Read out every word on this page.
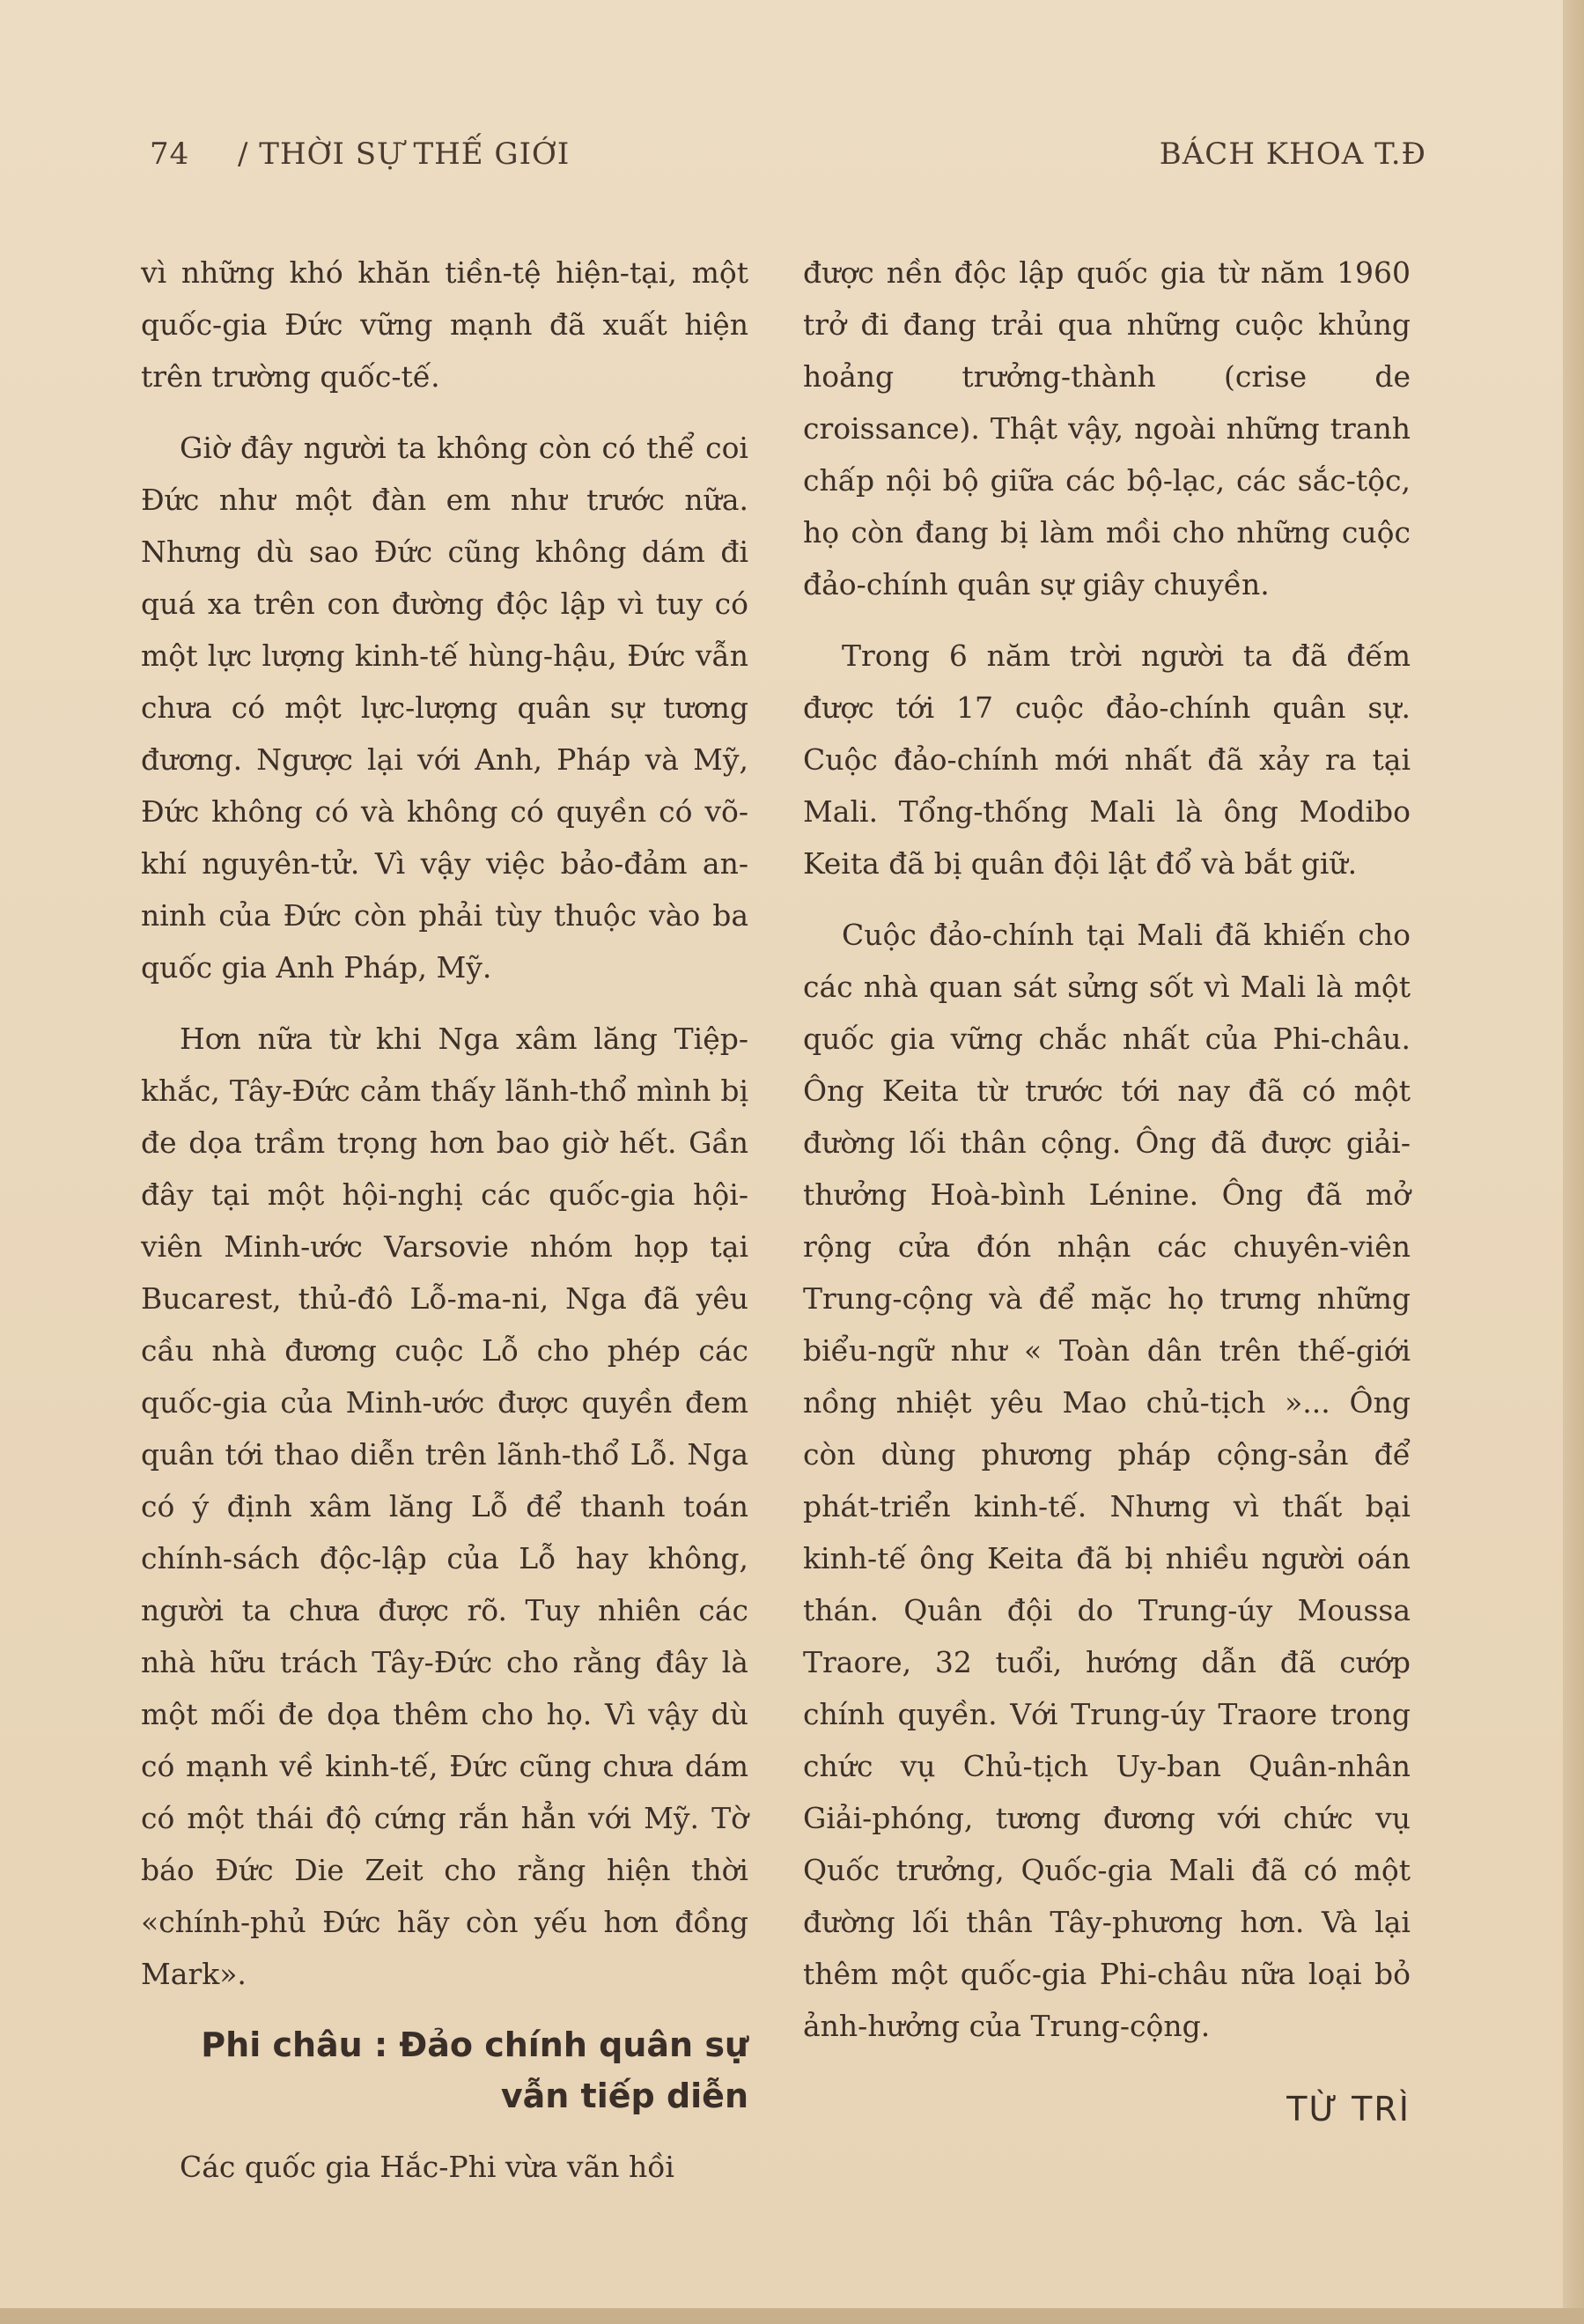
74 / THỜI SỰ THẾ GIỚI	BÁCH KHOA T.Đ

vì những khó khăn tiền-tệ hiện-tại, một quốc-gia Đức vững mạnh đã xuất hiện trên trường quốc-tế.

Giờ đây người ta không còn có thể coi Đức như một đàn em như trước nữa. Nhưng dù sao Đức cũng không dám đi quá xa trên con đường độc lập vì tuy có một lực lượng kinh-tế hùng-hậu, Đức vẫn chưa có một lực-lượng quân sự tương đương. Ngược lại với Anh, Pháp và Mỹ, Đức không có và không có quyền có võ-khí nguyên-tử. Vì vậy việc bảo-đảm an-ninh của Đức còn phải tùy thuộc vào ba quốc gia Anh Pháp, Mỹ.

Hơn nữa từ khi Nga xâm lăng Tiệp-khắc, Tây-Đức cảm thấy lãnh-thổ mình bị đe dọa trầm trọng hơn bao giờ hết. Gần đây tại một hội-nghị các quốc-gia hội-viên Minh-ước Varsovie nhóm họp tại Bucarest, thủ-đô Lỗ-ma-ni, Nga đã yêu cầu nhà đương cuộc Lỗ cho phép các quốc-gia của Minh-ước được quyền đem quân tới thao diễn trên lãnh-thổ Lỗ. Nga có ý định xâm lăng Lỗ để thanh toán chính-sách độc-lập của Lỗ hay không, người ta chưa được rõ. Tuy nhiên các nhà hữu trách Tây-Đức cho rằng đây là một mối đe dọa thêm cho họ. Vì vậy dù có mạnh về kinh-tế, Đức cũng chưa dám có một thái độ cứng rắn hẳn với Mỹ. Tờ báo Đức Die Zeit cho rằng hiện thời «chính-phủ Đức hãy còn yếu hơn đồng Mark».

Phi châu : Đảo chính quân sự
vẫn tiếp diễn

Các quốc gia Hắc-Phi vừa vãn hồi

được nền độc lập quốc gia từ năm 1960 trở đi đang trải qua những cuộc khủng hoảng trưởng-thành (crise de croissance). Thật vậy, ngoài những tranh chấp nội bộ giữa các bộ-lạc, các sắc-tộc, họ còn đang bị làm mồi cho những cuộc đảo-chính quân sự giây chuyền.

Trong 6 năm trời người ta đã đếm được tới 17 cuộc đảo-chính quân sự. Cuộc đảo-chính mới nhất đã xảy ra tại Mali. Tổng-thống Mali là ông Modibo Keita đã bị quân đội lật đổ và bắt giữ.

Cuộc đảo-chính tại Mali đã khiến cho các nhà quan sát sửng sốt vì Mali là một quốc gia vững chắc nhất của Phi-châu. Ông Keita từ trước tới nay đã có một đường lối thân cộng. Ông đã được giải-thưởng Hoà-bình Lénine. Ông đã mở rộng cửa đón nhận các chuyên-viên Trung-cộng và để mặc họ trưng những biểu-ngữ như « Toàn dân trên thế-giới nồng nhiệt yêu Mao chủ-tịch »... Ông còn dùng phương pháp cộng-sản để phát-triển kinh-tế. Nhưng vì thất bại kinh-tế ông Keita đã bị nhiều người oán thán. Quân đội do Trung-úy Moussa Traore, 32 tuổi, hướng dẫn đã cướp chính quyền. Với Trung-úy Traore trong chức vụ Chủ-tịch Uy-ban Quân-nhân Giải-phóng, tương đương với chức vụ Quốc trưởng, Quốc-gia Mali đã có một đường lối thân Tây-phương hơn. Và lại thêm một quốc-gia Phi-châu nữa loại bỏ ảnh-hưởng của Trung-cộng.

TỪ TRÌ
